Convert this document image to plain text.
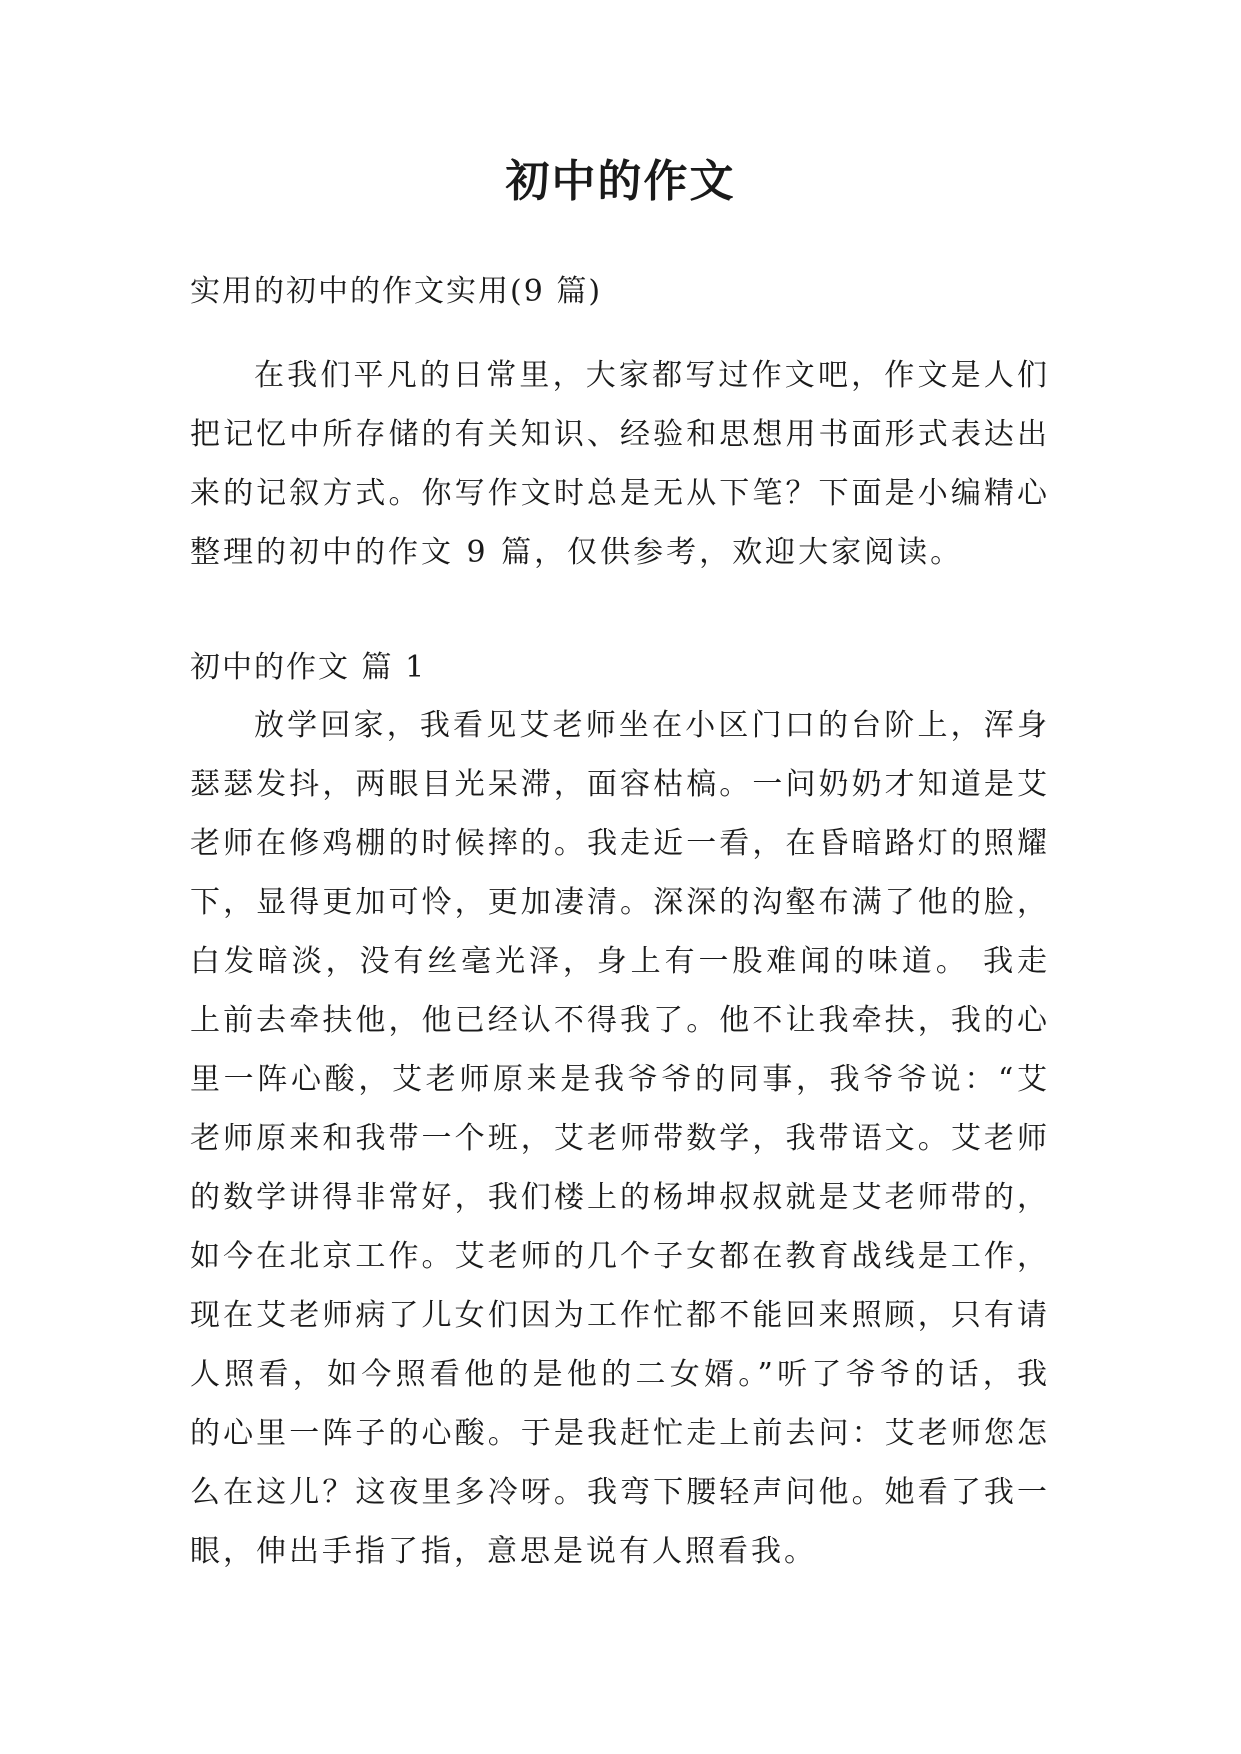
初中的作文

实用的初中的作文实用(9 篇)

在我们平凡的日常里，大家都写过作文吧，作文是人们把记忆中所存储的有关知识、经验和思想用书面形式表达出来的记叙方式。你写作文时总是无从下笔？下面是小编精心整理的初中的作文 9 篇，仅供参考，欢迎大家阅读。

初中的作文 篇 1

放学回家，我看见艾老师坐在小区门口的台阶上，浑身瑟瑟发抖，两眼目光呆滞，面容枯槁。一问奶奶才知道是艾老师在修鸡棚的时候摔的。我走近一看，在昏暗路灯的照耀下，显得更加可怜，更加凄清。深深的沟壑布满了他的脸，白发暗淡，没有丝毫光泽，身上有一股难闻的味道。 我走上前去牵扶他，他已经认不得我了。他不让我牵扶，我的心里一阵心酸，艾老师原来是我爷爷的同事，我爷爷说：“艾老师原来和我带一个班，艾老师带数学，我带语文。艾老师的数学讲得非常好，我们楼上的杨坤叔叔就是艾老师带的，如今在北京工作。艾老师的几个子女都在教育战线是工作，现在艾老师病了儿女们因为工作忙都不能回来照顾，只有请人照看，如今照看他的是他的二女婿。”听了爷爷的话，我的心里一阵子的心酸。于是我赶忙走上前去问：艾老师您怎么在这儿？这夜里多冷呀。我弯下腰轻声问他。她看了我一眼，伸出手指了指，意思是说有人照看我。
